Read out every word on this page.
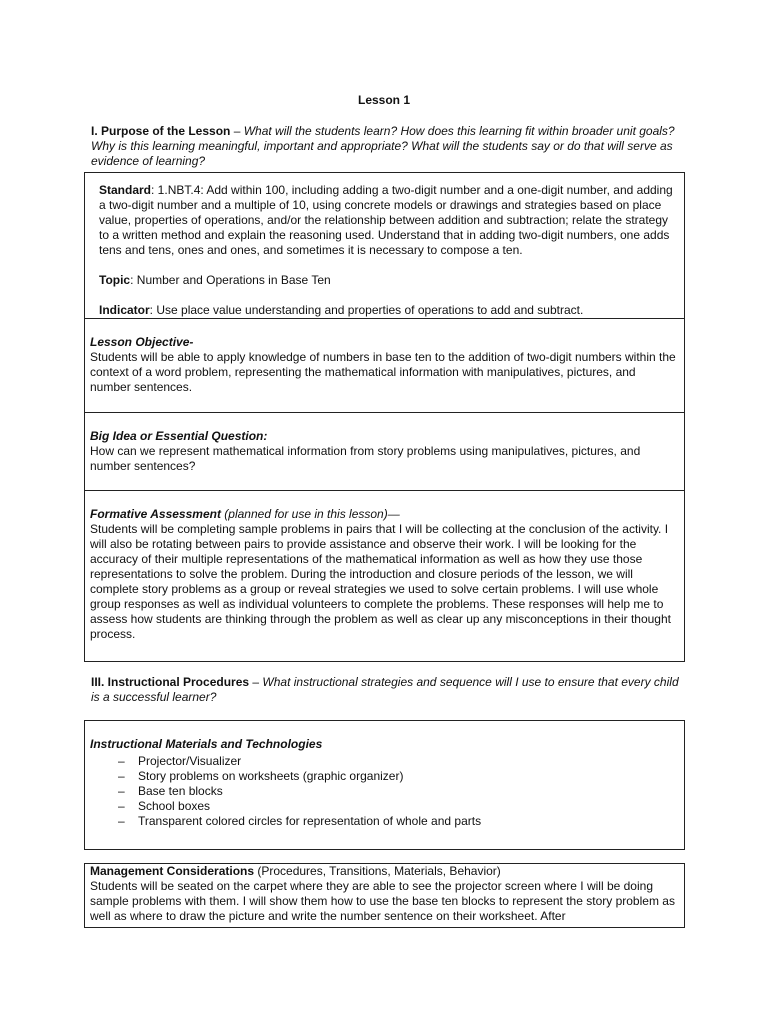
Lesson 1
I. Purpose of the Lesson – What will the students learn? How does this learning fit within broader unit goals? Why is this learning meaningful, important and appropriate? What will the students say or do that will serve as evidence of learning?
Standard: 1.NBT.4: Add within 100, including adding a two-digit number and a one-digit number, and adding a two-digit number and a multiple of 10, using concrete models or drawings and strategies based on place value, properties of operations, and/or the relationship between addition and subtraction; relate the strategy to a written method and explain the reasoning used. Understand that in adding two-digit numbers, one adds tens and tens, ones and ones, and sometimes it is necessary to compose a ten.
Topic: Number and Operations in Base Ten
Indicator: Use place value understanding and properties of operations to add and subtract.
Lesson Objective-
Students will be able to apply knowledge of numbers in base ten to the addition of two-digit numbers within the context of a word problem, representing the mathematical information with manipulatives, pictures, and number sentences.
Big Idea or Essential Question:
How can we represent mathematical information from story problems using manipulatives, pictures, and number sentences?
Formative Assessment (planned for use in this lesson)—
Students will be completing sample problems in pairs that I will be collecting at the conclusion of the activity. I will also be rotating between pairs to provide assistance and observe their work. I will be looking for the accuracy of their multiple representations of the mathematical information as well as how they use those representations to solve the problem. During the introduction and closure periods of the lesson, we will complete story problems as a group or reveal strategies we used to solve certain problems. I will use whole group responses as well as individual volunteers to complete the problems. These responses will help me to assess how students are thinking through the problem as well as clear up any misconceptions in their thought process.
III. Instructional Procedures – What instructional strategies and sequence will I use to ensure that every child is a successful learner?
Instructional Materials and Technologies
– Projector/Visualizer
– Story problems on worksheets (graphic organizer)
– Base ten blocks
– School boxes
– Transparent colored circles for representation of whole and parts
Management Considerations (Procedures, Transitions, Materials, Behavior)
Students will be seated on the carpet where they are able to see the projector screen where I will be doing sample problems with them. I will show them how to use the base ten blocks to represent the story problem as well as where to draw the picture and write the number sentence on their worksheet. After
